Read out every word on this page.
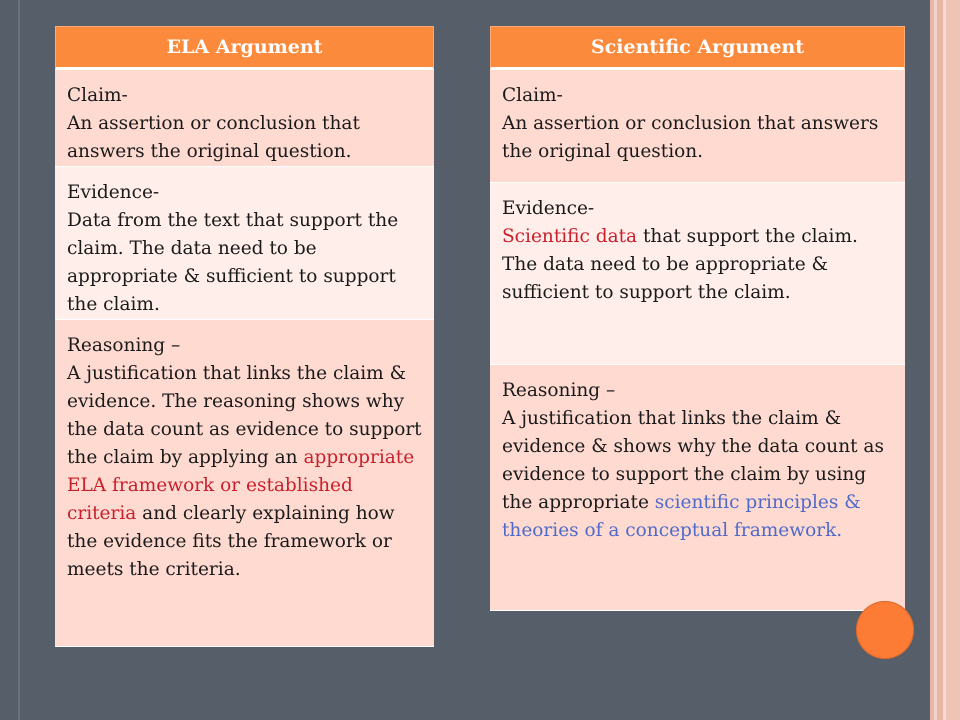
ELA Argument
Claim-
An assertion or conclusion that answers the original question.
Evidence-
Data from the text that support the claim. The data need to be appropriate & sufficient to support the claim.
Reasoning –
A justification that links the claim & evidence. The reasoning shows why the data count as evidence to support the claim by applying an appropriate ELA framework or established criteria and clearly explaining how the evidence fits the framework or meets the criteria.
Scientific Argument
Claim-
An assertion or conclusion that answers the original question.
Evidence-
Scientific data that support the claim. The data need to be appropriate & sufficient to support the claim.
Reasoning –
A justification that links the claim & evidence & shows why the data count as evidence to support the claim by using the appropriate scientific principles & theories of a conceptual framework.
